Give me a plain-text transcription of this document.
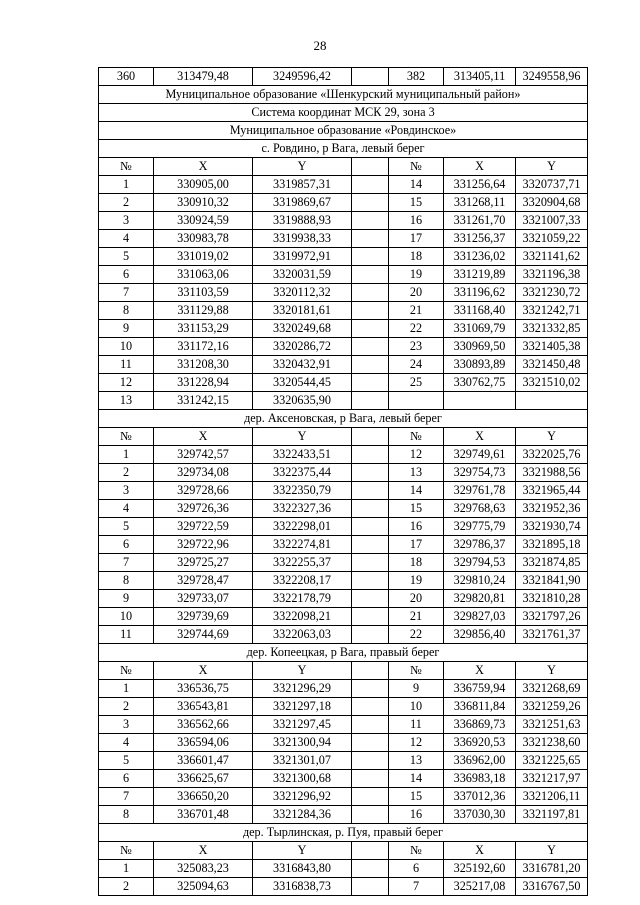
28
360	313479,48	3249596,42		382	313405,11	3249558,96
Муниципальное образование «Шенкурский муниципальный район»						
Система координат МСК 29, зона 3						
Муниципальное образование «Ровдинское»						
с. Ровдино, р Вага, левый берег						
№	X	Y		№	X	Y
1	330905,00	3319857,31		14	331256,64	3320737,71
2	330910,32	3319869,67		15	331268,11	3320904,68
3	330924,59	3319888,93		16	331261,70	3321007,33
4	330983,78	3319938,33		17	331256,37	3321059,22
5	331019,02	3319972,91		18	331236,02	3321141,62
6	331063,06	3320031,59		19	331219,89	3321196,38
7	331103,59	3320112,32		20	331196,62	3321230,72
8	331129,88	3320181,61		21	331168,40	3321242,71
9	331153,29	3320249,68		22	331069,79	3321332,85
10	331172,16	3320286,72		23	330969,50	3321405,38
11	331208,30	3320432,91		24	330893,89	3321450,48
12	331228,94	3320544,45		25	330762,75	3321510,02
13	331242,15	3320635,90				
дер. Аксеновская, р Вага, левый берег						
№	X	Y		№	X	Y
1	329742,57	3322433,51		12	329749,61	3322025,76
2	329734,08	3322375,44		13	329754,73	3321988,56
3	329728,66	3322350,79		14	329761,78	3321965,44
4	329726,36	3322327,36		15	329768,63	3321952,36
5	329722,59	3322298,01		16	329775,79	3321930,74
6	329722,96	3322274,81		17	329786,37	3321895,18
7	329725,27	3322255,37		18	329794,53	3321874,85
8	329728,47	3322208,17		19	329810,24	3321841,90
9	329733,07	3322178,79		20	329820,81	3321810,28
10	329739,69	3322098,21		21	329827,03	3321797,26
11	329744,69	3322063,03		22	329856,40	3321761,37
дер. Копеецкая, р Вага, правый берег						
№	X	Y		№	X	Y
1	336536,75	3321296,29		9	336759,94	3321268,69
2	336543,81	3321297,18		10	336811,84	3321259,26
3	336562,66	3321297,45		11	336869,73	3321251,63
4	336594,06	3321300,94		12	336920,53	3321238,60
5	336601,47	3321301,07		13	336962,00	3321225,65
6	336625,67	3321300,68		14	336983,18	3321217,97
7	336650,20	3321296,92		15	337012,36	3321206,11
8	336701,48	3321284,36		16	337030,30	3321197,81
дер. Тырлинская, р. Пуя, правый берег						
№	X	Y		№	X	Y
1	325083,23	3316843,80		6	325192,60	3316781,20
2	325094,63	3316838,73		7	325217,08	3316767,50
